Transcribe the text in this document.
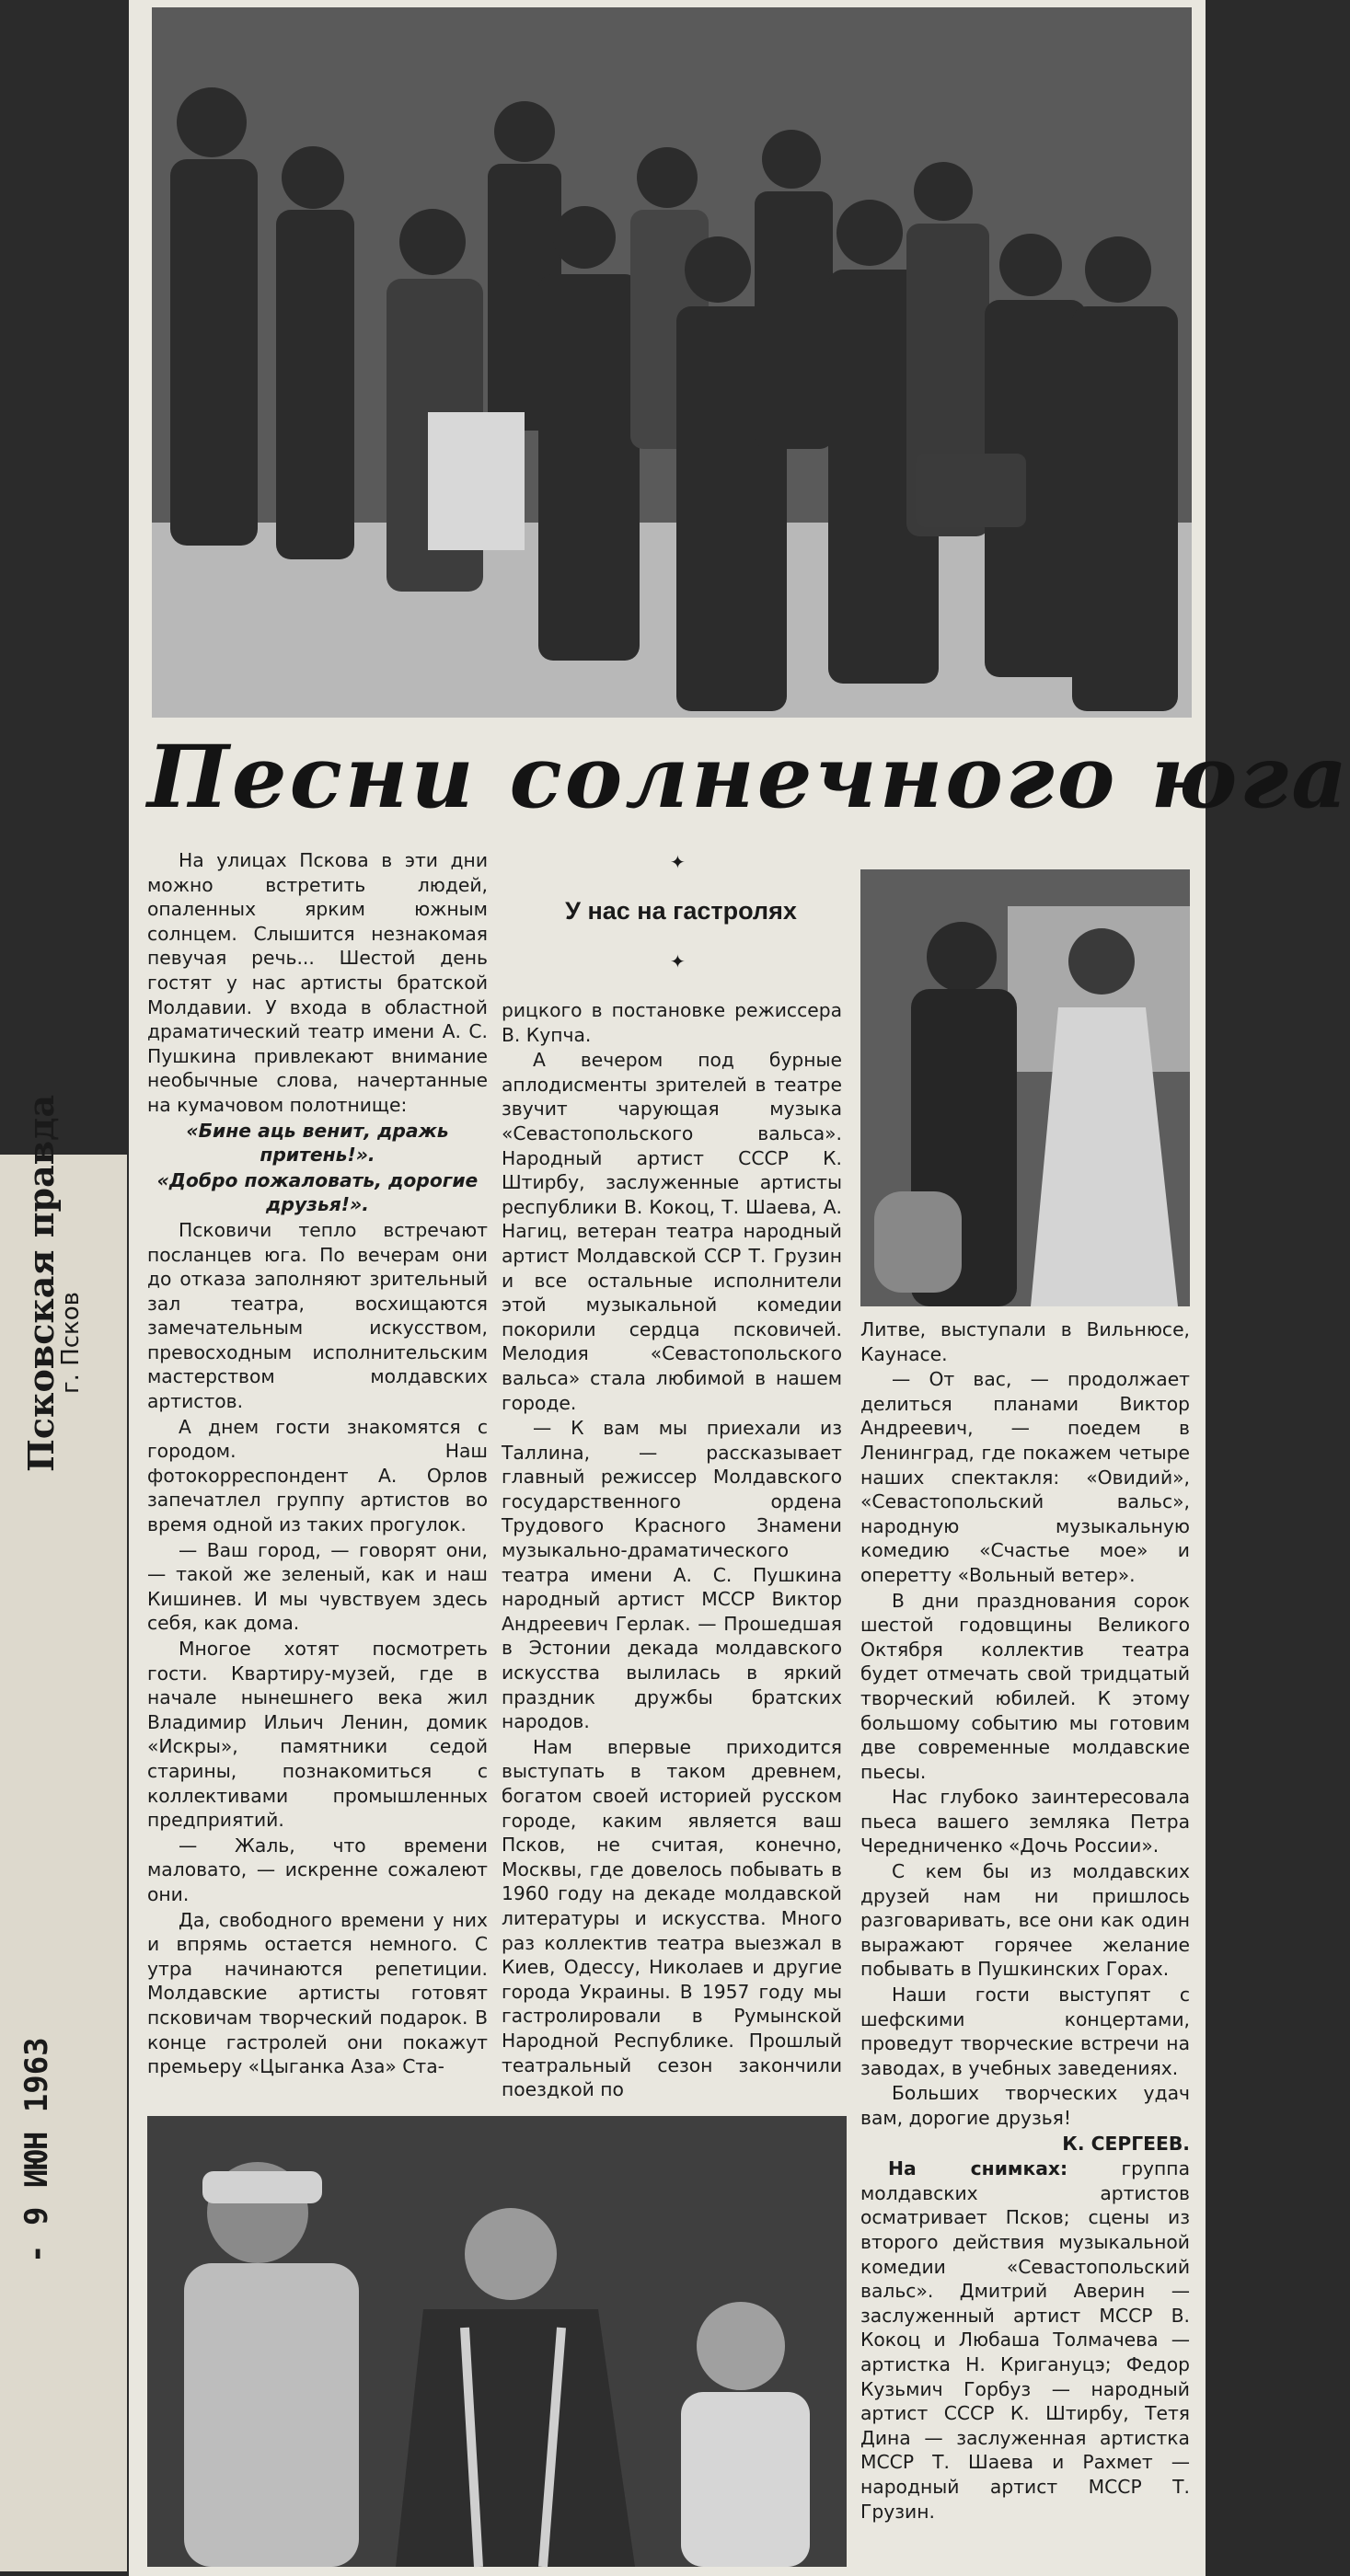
Песни солнечного юга
✦
У нас на гастролях
✦

На улицах Пскова в эти дни можно встретить людей, опаленных ярким южным солнцем. Слышится незнакомая певучая речь... Шестой день гостят у нас артисты братской Молдавии. У входа в областной драматический театр имени А. С. Пушкина привлекают внимание необычные слова, начертанные на кумачовом полотнище:

«Бине аць венит, дражь притень!».

«Добро пожаловать, дорогие друзья!».

Псковичи тепло встречают посланцев юга. По вечерам они до отказа заполняют зрительный зал театра, восхищаются замечательным искусством, превосходным исполнительским мастерством молдавских артистов.

А днем гости знакомятся с городом. Наш фотокорреспондент А. Орлов запечатлел группу артистов во время одной из таких прогулок.

— Ваш город, — говорят они, — такой же зеленый, как и наш Кишинев. И мы чувствуем здесь себя, как дома.

Многое хотят посмотреть гости. Квартиру-музей, где в начале нынешнего века жил Владимир Ильич Ленин, домик «Искры», памятники седой старины, познакомиться с коллективами промышленных предприятий.

— Жаль, что времени маловато, — искренне сожалеют они.

Да, свободного времени у них и впрямь остается немного. С утра начинаются репетиции. Молдавские артисты готовят псковичам творческий подарок. В конце гастролей они покажут премьеру «Цыганка Аза» Ста-

рицкого в постановке режиссера В. Купча.

А вечером под бурные аплодисменты зрителей в театре звучит чарующая музыка «Севастопольского вальса». Народный артист СССР К. Штирбу, заслуженные артисты республики В. Кокоц, Т. Шаева, А. Нагиц, ветеран театра народный артист Молдавской ССР Т. Грузин и все остальные исполнители этой музыкальной комедии покорили сердца псковичей. Мелодия «Севастопольского вальса» стала любимой в нашем городе.

— К вам мы приехали из Таллина, — рассказывает главный режиссер Молдавского государственного ордена Трудового Красного Знамени музыкально-драматического театра имени А. С. Пушкина народный артист МССР Виктор Андреевич Герлак. — Прошедшая в Эстонии декада молдавского искусства вылилась в яркий праздник дружбы братских народов.

Нам впервые приходится выступать в таком древнем, богатом своей историей русском городе, каким является ваш Псков, не считая, конечно, Москвы, где довелось побывать в 1960 году на декаде молдавской литературы и искусства. Много раз коллектив театра выезжал в Киев, Одессу, Николаев и другие города Украины. В 1957 году мы гастролировали в Румынской Народной Республике. Прошлый театральный сезон закончили поездкой по

Литве, выступали в Вильнюсе, Каунасе.

— От вас, — продолжает делиться планами Виктор Андреевич, — поедем в Ленинград, где покажем четыре наших спектакля: «Овидий», «Севастопольский вальс», народную музыкальную комедию «Счастье мое» и оперетту «Вольный ветер».

В дни празднования сорок шестой годовщины Великого Октября коллектив театра будет отмечать свой тридцатый творческий юбилей. К этому большому событию мы готовим две современные молдавские пьесы.

Нас глубоко заинтересовала пьеса вашего земляка Петра Чередниченко «Дочь России».

С кем бы из молдавских друзей нам ни пришлось разговаривать, все они как один выражают горячее желание побывать в Пушкинских Горах.

Наши гости выступят с шефскими концертами, проведут творческие встречи на заводах, в учебных заведениях.

Больших творческих удач вам, дорогие друзья!

К. СЕРГЕЕВ.

На снимках:	группа молдавских артистов осматривает Псков; сцены из второго действия музыкальной комедии «Севастопольский вальс». Дмитрий Аверин — заслуженный артист МССР В. Кокоц и Любаша Толмачева — артистка Н. Кригануцэ; Федор Кузьмич Горбуз — народный артист СССР К. Штирбу, Тетя Дина — заслуженная артистка МССР Т. Шаева и Рахмет — народный артист МССР Т. Грузин.

Псковская правда
г. Псков
- 9 ИЮН 1963
